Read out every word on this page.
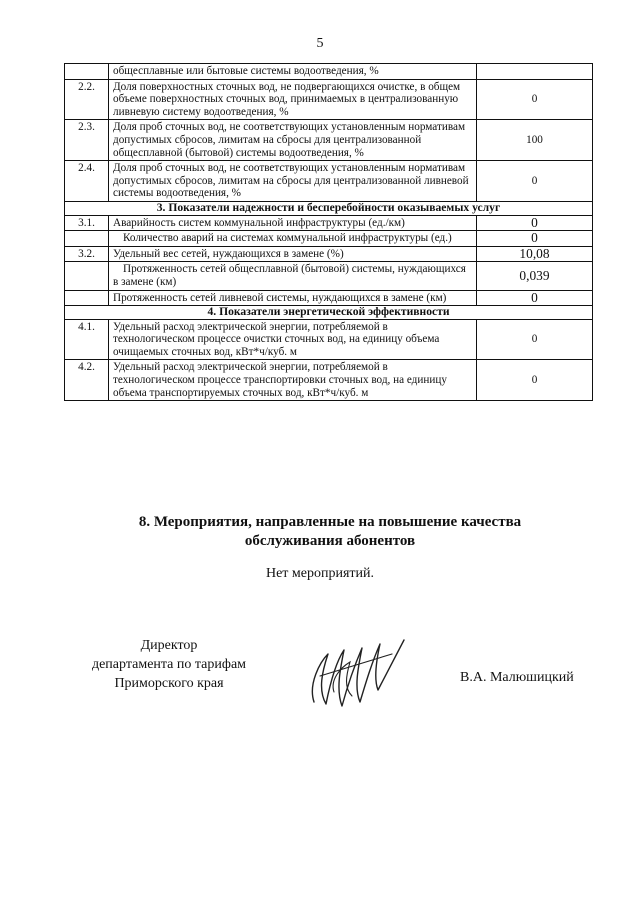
5
	общесплавные или бытовые системы водоотведения, %	
2.2.	Доля поверхностных сточных вод, не подвергающихся очистке, в общем объеме поверхностных сточных вод, принимаемых в централизованную ливневую систему водоотведения, %	0
2.3.	Доля проб сточных вод, не соответствующих установленным нормативам допустимых сбросов, лимитам на сбросы для централизованной общесплавной (бытовой) системы водоотведения, %	100
2.4.	Доля проб сточных вод, не соответствующих установленным нормативам допустимых сбросов, лимитам на сбросы для централизованной ливневой системы водоотведения, %	0
3. Показатели надежности и бесперебойности оказываемых услуг		
3.1.	Аварийность систем коммунальной инфраструктуры (ед./км)	0
	Количество аварий на системах коммунальной инфраструктуры (ед.)	0
3.2.	Удельный вес сетей, нуждающихся в замене (%)	10,08
	Протяженность сетей общесплавной (бытовой) системы, нуждающихся в замене (км)	0,039
	Протяженность сетей ливневой системы, нуждающихся в замене (км)	0
4. Показатели энергетической эффективности		
4.1.	Удельный расход электрической энергии, потребляемой в технологическом процессе очистки сточных вод, на единицу объема очищаемых сточных вод, кВт*ч/куб. м	0
4.2.	Удельный расход электрической энергии, потребляемой в технологическом процессе транспортировки сточных вод, на единицу объема транспортируемых сточных вод, кВт*ч/куб. м	0
8. Мероприятия, направленные на повышение качества
обслуживания абонентов
Нет мероприятий.
Директор
департамента по тарифам
Приморского края	В.А. Малюшицкий
